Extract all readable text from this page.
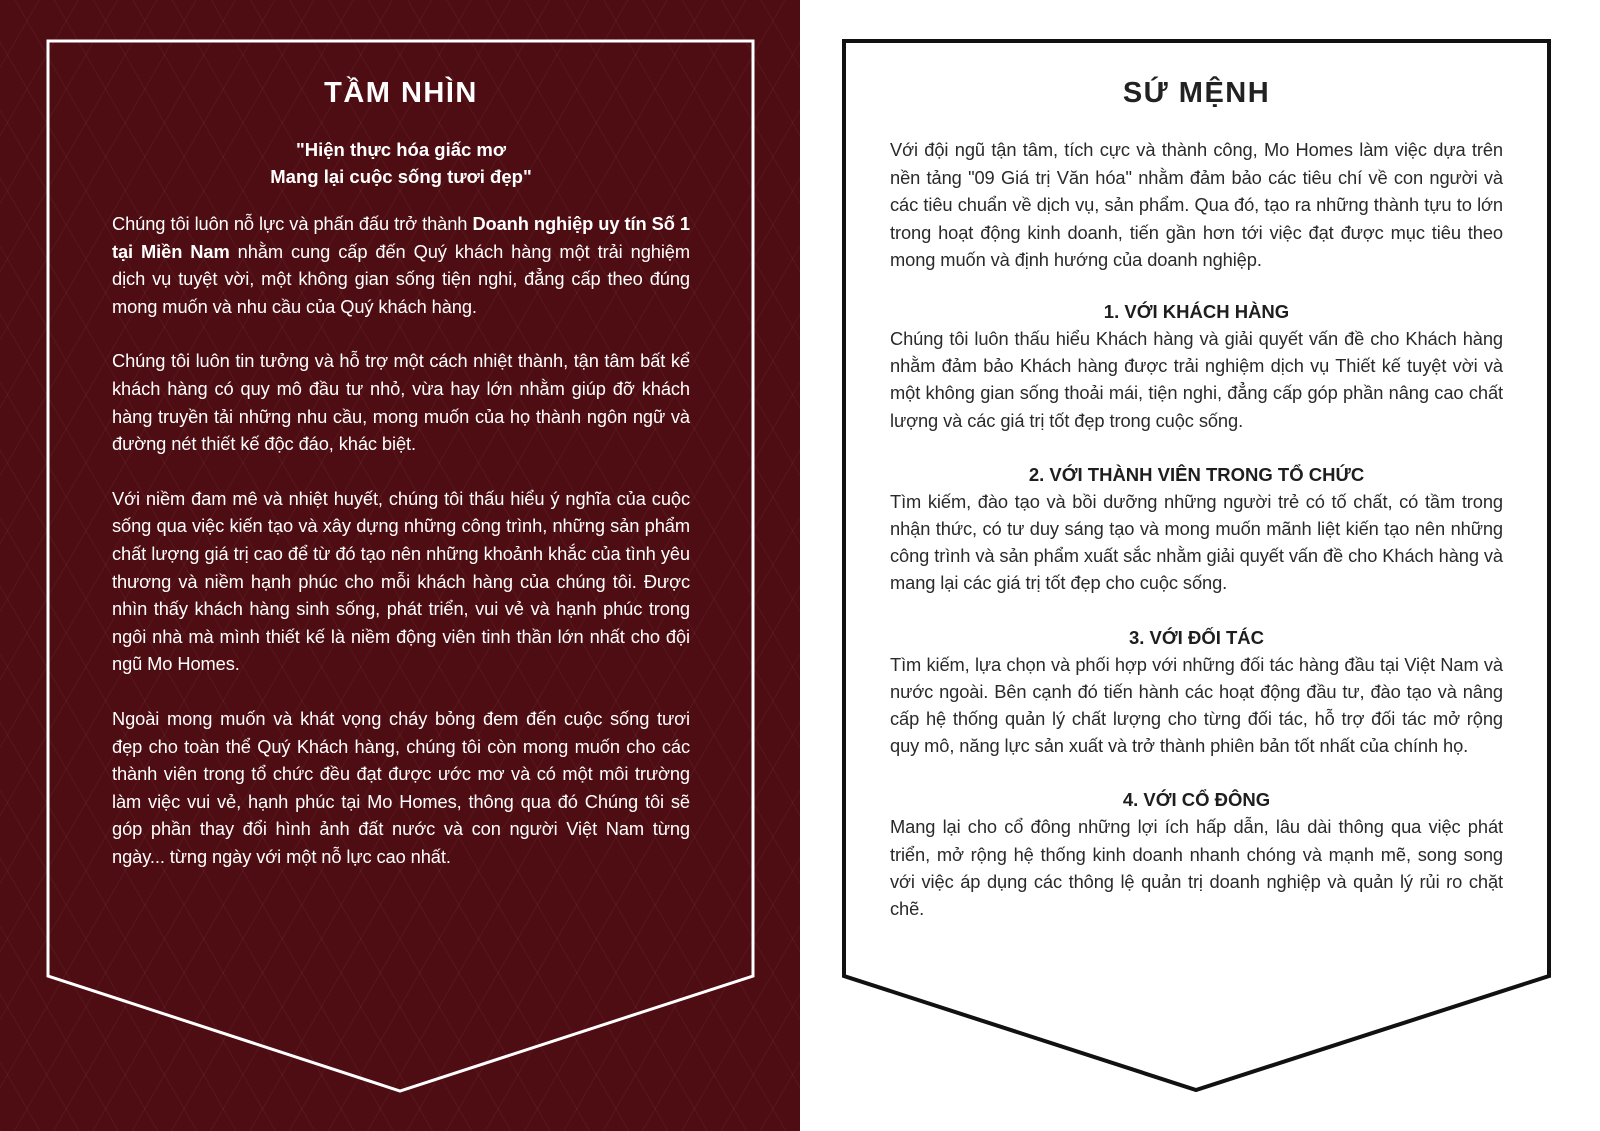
TẦM NHÌN

"Hiện thực hóa giấc mơ
Mang lại cuộc sống tươi đẹp"

Chúng tôi luôn nỗ lực và phấn đấu trở thành Doanh nghiệp uy tín Số 1 tại Miền Nam nhằm cung cấp đến Quý khách hàng một trải nghiệm dịch vụ tuyệt vời, một không gian sống tiện nghi, đẳng cấp theo đúng mong muốn và nhu cầu của Quý khách hàng.

Chúng tôi luôn tin tưởng và hỗ trợ một cách nhiệt thành, tận tâm bất kể khách hàng có quy mô đầu tư nhỏ, vừa hay lớn nhằm giúp đỡ khách hàng truyền tải những nhu cầu, mong muốn của họ thành ngôn ngữ và đường nét thiết kế độc đáo, khác biệt.

Với niềm đam mê và nhiệt huyết, chúng tôi thấu hiểu ý nghĩa của cuộc sống qua việc kiến tạo và xây dựng những công trình, những sản phẩm chất lượng giá trị cao để từ đó tạo nên những khoảnh khắc của tình yêu thương và niềm hạnh phúc cho mỗi khách hàng của chúng tôi. Được nhìn thấy khách hàng sinh sống, phát triển, vui vẻ và hạnh phúc trong ngôi nhà mà mình thiết kế là niềm động viên tinh thần lớn nhất cho đội ngũ Mo Homes.

Ngoài mong muốn và khát vọng cháy bỏng đem đến cuộc sống tươi đẹp cho toàn thể Quý Khách hàng, chúng tôi còn mong muốn cho các thành viên trong tổ chức đều đạt được ước mơ và có một môi trường làm việc vui vẻ, hạnh phúc tại Mo Homes, thông qua đó Chúng tôi sẽ góp phần thay đổi hình ảnh đất nước và con người Việt Nam từng ngày... từng ngày với một nỗ lực cao nhất.

SỨ MỆNH

Với đội ngũ tận tâm, tích cực và thành công, Mo Homes làm việc dựa trên nền tảng "09 Giá trị Văn hóa" nhằm đảm bảo các tiêu chí về con người và các tiêu chuẩn về dịch vụ, sản phẩm. Qua đó, tạo ra những thành tựu to lớn trong hoạt động kinh doanh, tiến gần hơn tới việc đạt được mục tiêu theo mong muốn và định hướng của doanh nghiệp.

1. VỚI KHÁCH HÀNG

Chúng tôi luôn thấu hiểu Khách hàng và giải quyết vấn đề cho Khách hàng nhằm đảm bảo Khách hàng được trải nghiệm dịch vụ Thiết kế tuyệt vời và một không gian sống thoải mái, tiện nghi, đẳng cấp góp phần nâng cao chất lượng và các giá trị tốt đẹp trong cuộc sống.

2. VỚI THÀNH VIÊN TRONG TỔ CHỨC

Tìm kiếm, đào tạo và bồi dưỡng những người trẻ có tố chất, có tầm trong nhận thức, có tư duy sáng tạo và mong muốn mãnh liệt kiến tạo nên những công trình và sản phẩm xuất sắc nhằm giải quyết vấn đề cho Khách hàng và mang lại các giá trị tốt đẹp cho cuộc sống.

3. VỚI ĐỐI TÁC

Tìm kiếm, lựa chọn và phối hợp với những đối tác hàng đầu tại Việt Nam và nước ngoài. Bên cạnh đó tiến hành các hoạt động đầu tư, đào tạo và nâng cấp hệ thống quản lý chất lượng cho từng đối tác, hỗ trợ đối tác mở rộng quy mô, năng lực sản xuất và trở thành phiên bản tốt nhất của chính họ.

4. VỚI CỔ ĐÔNG

Mang lại cho cổ đông những lợi ích hấp dẫn, lâu dài thông qua việc phát triển, mở rộng hệ thống kinh doanh nhanh chóng và mạnh mẽ, song song với việc áp dụng các thông lệ quản trị doanh nghiệp và quản lý rủi ro chặt chẽ.
